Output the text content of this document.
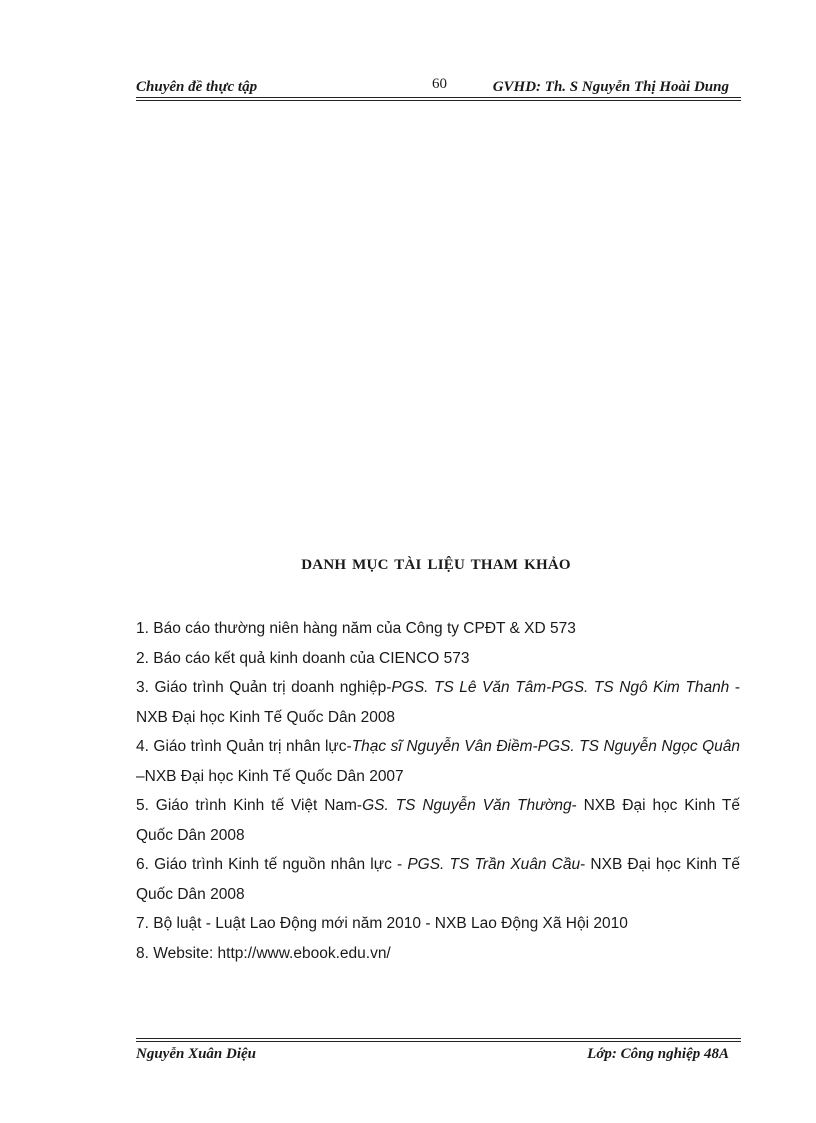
Chuyên đề thực tập	60	GVHD: Th. S Nguyễn Thị Hoài Dung
DANH MỤC TÀI LIỆU THAM KHẢO
1. Báo cáo thường niên hàng năm của Công ty CPĐT & XD 573
2. Báo cáo kết quả kinh doanh của CIENCO 573
3. Giáo trình Quản trị doanh nghiệp-PGS. TS Lê Văn Tâm-PGS. TS Ngô Kim Thanh - NXB Đại học Kinh Tế Quốc Dân 2008
4. Giáo trình Quản trị nhân lực-Thạc sĩ Nguyễn Vân Điềm-PGS. TS Nguyễn Ngọc Quân –NXB Đại học Kinh Tế Quốc Dân 2007
5. Giáo trình Kinh tế Việt Nam-GS. TS Nguyễn Văn Thường- NXB Đại học Kinh Tế Quốc Dân 2008
6. Giáo trình Kinh tế nguồn nhân lực - PGS. TS Trần Xuân Cầu- NXB Đại học Kinh Tế Quốc Dân 2008
7. Bộ luật - Luật Lao Động mới năm 2010 - NXB Lao Động Xã Hội 2010
8. Website: http://www.ebook.edu.vn/
Nguyễn Xuân Diệu	Lớp: Công nghiệp 48A
